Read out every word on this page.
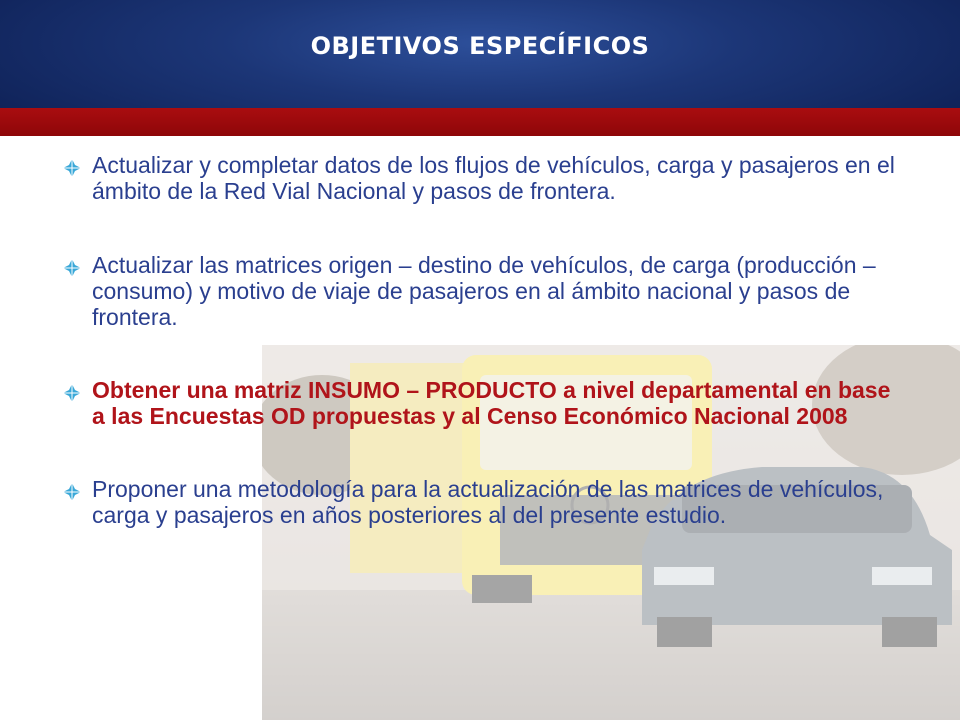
OBJETIVOS ESPECÍFICOS
Actualizar y completar datos de los flujos de vehículos, carga y pasajeros en el ámbito de la Red Vial Nacional y pasos de frontera.
Actualizar las matrices origen – destino de vehículos, de carga (producción – consumo) y motivo de viaje de pasajeros en al ámbito nacional y pasos de frontera.
Obtener una matriz INSUMO – PRODUCTO a nivel departamental en base a las Encuestas OD propuestas y al Censo Económico Nacional 2008
Proponer una metodología para la actualización de las matrices de vehículos, carga y pasajeros en años posteriores al del presente estudio.
